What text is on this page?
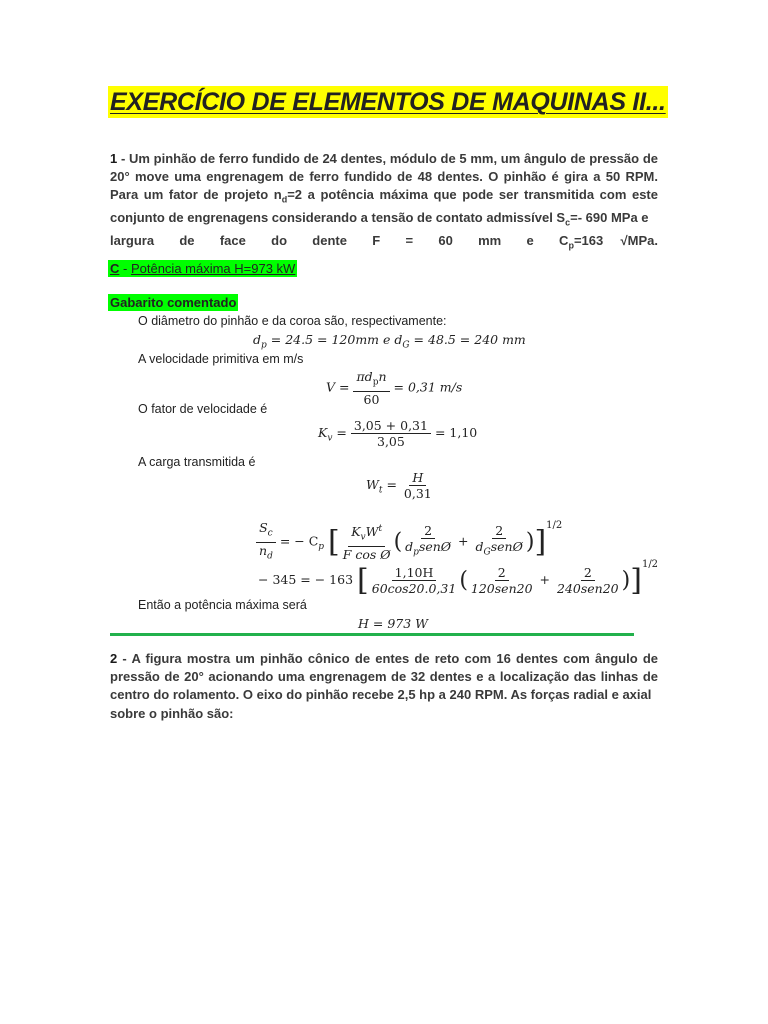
EXERCÍCIO DE ELEMENTOS DE MAQUINAS II...
1 - Um pinhão de ferro fundido de 24 dentes, módulo de 5 mm, um ângulo de pressão de 20° move uma engrenagem de ferro fundido de 48 dentes. O pinhão é gira a 50 RPM. Para um fator de projeto $n_d=2$ a potência máxima que pode ser transmitida com este conjunto de engrenagens considerando a tensão de contato admissível $S_c=-$ 690 MPa e
largura de face do dente F = 60 mm e $C_p=163$ √MPa.
C - Potência máxima H=973 kW
Gabarito comentado
O diâmetro do pinhão e da coroa são, respectivamente:
$d_p = 24.5 = 120mm$ e $d_G = 48.5 = 240$ mm
A velocidade primitiva em m/s
$V = \frac{\pi d_pn}{60} = 0,31$ m/s
O fator de velocidade é
$K_v = \frac{3,05 + 0,31}{3,05} = 1,10$
A carga transmitida é
$W_t = \frac{H}{0,31}$
$\frac{S_c}{n_d}$ = − $C_p$ [ $\frac{K_vW^t}{\text{F cos Ø}}$ ( $\frac{2}{d_psenØ} + \frac{2}{d_GsenØ} )]^{1/2}$
− 345 = − 163 [ $\frac{1,10H}{60\cos 20.0,31}$ ( $\frac{2}{\text{120sen20}} + \frac{2}{\text{240sen20}} )]^{1/2}$
Então a potência máxima será
H = 973 W
2 - A figura mostra um pinhão cônico de entes de reto com 16 dentes com ângulo de pressão de 20° acionando uma engrenagem de 32 dentes e a localização das linhas de centro do rolamento. O eixo do pinhão recebe 2,5 hp a 240 RPM. As forças radial e axial
sobre o pinhão são:
